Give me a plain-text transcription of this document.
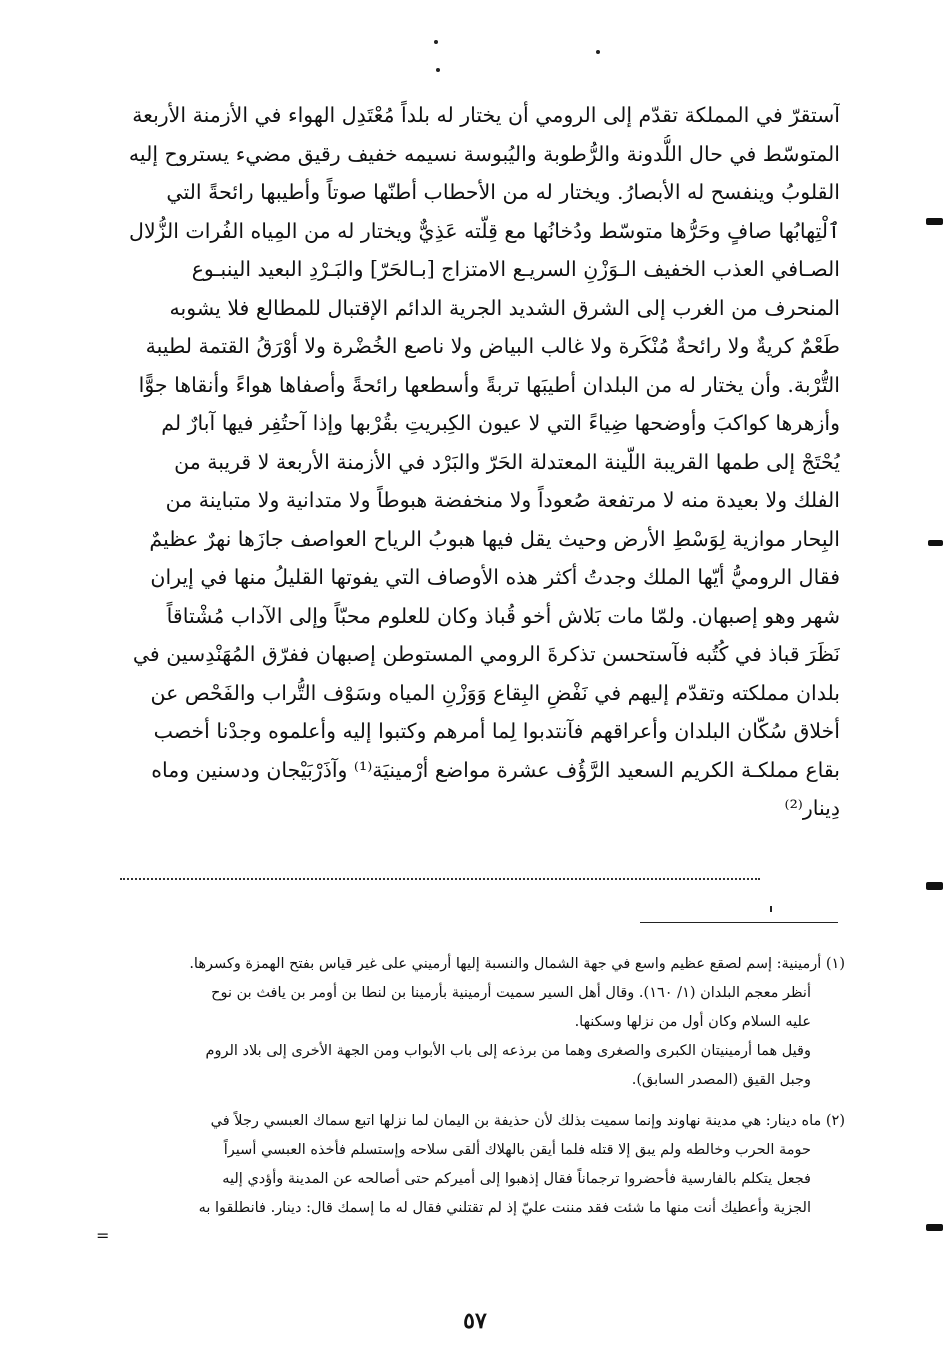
آستقرّ في المملكة تقدّم إلى الرومي أن يختار له بلداً مُعْتَدِل الهواء في الأزمنة الأربعة
المتوسّط في حال اللُّدونة والرُّطوبة واليُبوسة نسيمه خفيف رقيق مضيء يستروح إليه
القلوبُ وينفسح له الأبصارُ. ويختار له من الأحطاب أطنّها صوتاً وأطيبها رائحةً التي
ٱلْتِهابُها صافٍ وحَرُّها متوسّط ودُخانُها مع قِلّته عَذِيٌّ ويختار له من المِياه الفُرات الزُّلال
الصـافي العذب الخفيف الـوَزْنِ السريـع الامتزاج [بـالحَرّ] والبَـرْدِ البعيد الينبـوع
المنحرف من الغرب إلى الشرق الشديد الجرية الدائم الإقتبال للمطالع فلا يشوبه
طَعْمٌ كريةٌ ولا رائحةٌ مُنْكَرة ولا غالب البياض ولا ناصع الخُضْرة ولا أوْرَقُ القتمة لطيبة
التُّرْبة. وأن يختار له من البلدان أطيبَها تربةً وأسطعها رائحةً وأصفاها هواءً وأنقاها جوًّا
وأزهرها كواكبَ وأوضحها ضِياءً التي لا عيون الكِبريتِ بقُرْبها وإذا آحتُفِر فيها آبارٌ لم
يُحْتَجْ إلى طمها القريبة اللّينة المعتدلة الحَرّ والبَرْد في الأزمنة الأربعة لا قريبة من
الفلك ولا بعيدة منه لا مرتفعة صُعوداً ولا منخفضة هبوطاً ولا متدانية ولا متباينة من
البِحار موازية لِوَسْطِ الأرض وحيث يقل فيها هبوبُ الرياح العواصف جازَها نهرٌ عظيمٌ
فقال الروميُّ أيّها الملك وجدتُ أكثر هذه الأوصاف التي يفوتها القليلُ منها في إيران
شهر وهو إصبهان. ولمّا مات بَلاش أخو قُباذ وكان للعلوم محبّاً وإلى الآداب مُشْتاقاً
نَظَرَ قباذ في كُتُبه فآستحسن تذكرةَ الرومي المستوطن إصبهان ففرّق المُهَنْدِسين في
بلدان مملكته وتقدّم إليهم في نَفْضِ البِقاع وَوَزْنِ المياه وسَوْف التُّراب والفَحْص عن
أخلاق سُكّان البلدان وأعراقهم فآنتدبوا لِما أمرهم وكتبوا إليه وأعلموه وجدْنا أخصب
بقاع مملكـة الكريم السعيد الرَّؤُف عشرة مواضع أرْمينيَة⁽¹⁾ وآذَرْبَيْجان ودسنين وماه
دِينار⁽²⁾
(١) أرمينية: إسم لصقع عظيم واسع في جهة الشمال والنسبة إليها أرميني على غير قياس بفتح الهمزة وكسرها.
أنظر معجم البلدان (١/ ١٦٠). وقال أهل السير سميت أرمينية بأرمينا بن لنطا بن أومر بن يافث بن نوح
عليه السلام وكان أول من نزلها وسكنها.
وقيل هما أرمينيتان الكبرى والصغرى وهما من برذعه إلى باب الأبواب ومن الجهة الأخرى إلى بلاد الروم
وجبل القيق (المصدر السابق).
(٢) ماه دينار: هي مدينة نهاوند وإنما سميت بذلك لأن حذيفة بن اليمان لما نزلها اتبع سماك العبسي رجلاً في
حومة الحرب وخالطه ولم يبق إلا قتله فلما أيقن بالهلاك ألقى سلاحه وإستسلم فأخذه العبسي أسيراً
فجعل يتكلم بالفارسية فأحضروا ترجماناً فقال إذهبوا إلى أميركم حتى أصالحه عن المدينة وأؤدي إليه
الجزية وأعطيك أنت منها ما شئت فقد مننت عليّ إذ لم تقتلني فقال له ما إسمك قال: دينار. فانطلقوا به
=
٥٧
